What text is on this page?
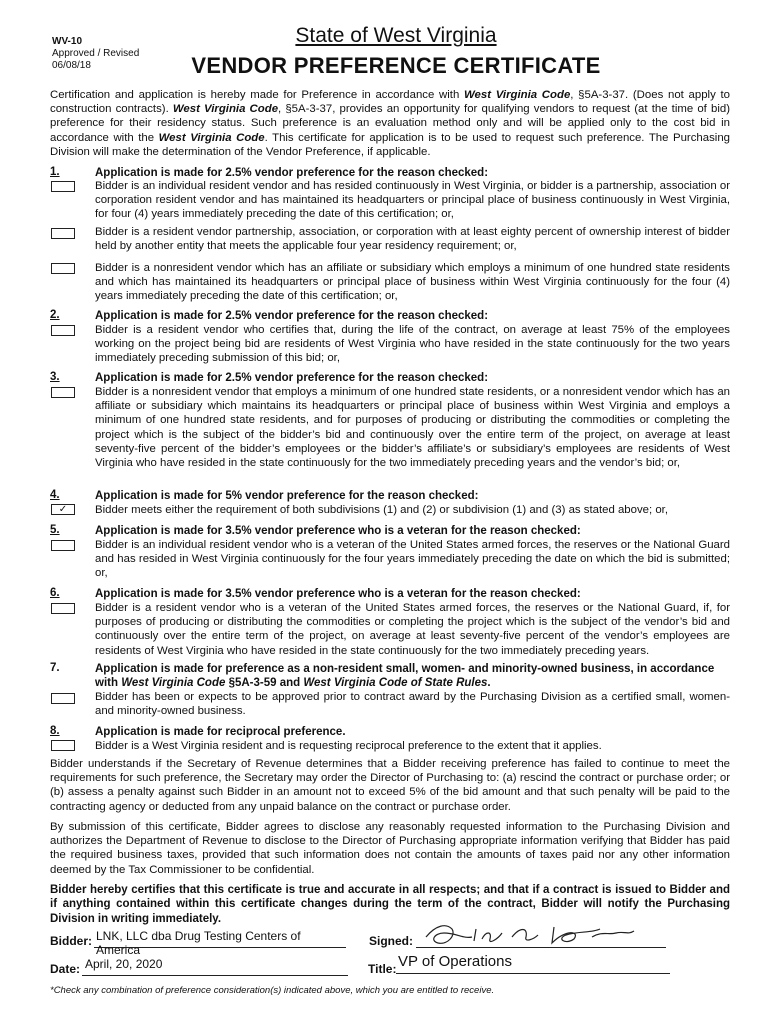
WV-10
Approved / Revised
06/08/18
State of West Virginia
VENDOR PREFERENCE CERTIFICATE
Certification and application is hereby made for Preference in accordance with West Virginia Code, §5A-3-37. (Does not apply to construction contracts). West Virginia Code, §5A-3-37, provides an opportunity for qualifying vendors to request (at the time of bid) preference for their residency status. Such preference is an evaluation method only and will be applied only to the cost bid in accordance with the West Virginia Code. This certificate for application is to be used to request such preference. The Purchasing Division will make the determination of the Vendor Preference, if applicable.
1.	Application is made for 2.5% vendor preference for the reason checked:
Bidder is an individual resident vendor and has resided continuously in West Virginia, or bidder is a partnership, association or corporation resident vendor and has maintained its headquarters or principal place of business continuously in West Virginia, for four (4) years immediately preceding the date of this certification; or,
Bidder is a resident vendor partnership, association, or corporation with at least eighty percent of ownership interest of bidder held by another entity that meets the applicable four year residency requirement; or,
Bidder is a nonresident vendor which has an affiliate or subsidiary which employs a minimum of one hundred state residents and which has maintained its headquarters or principal place of business within West Virginia continuously for the four (4) years immediately preceding the date of this certification; or,
2.	Application is made for 2.5% vendor preference for the reason checked:
Bidder is a resident vendor who certifies that, during the life of the contract, on average at least 75% of the employees working on the project being bid are residents of West Virginia who have resided in the state continuously for the two years immediately preceding submission of this bid; or,
3.	Application is made for 2.5% vendor preference for the reason checked:
Bidder is a nonresident vendor that employs a minimum of one hundred state residents, or a nonresident vendor which has an affiliate or subsidiary which maintains its headquarters or principal place of business within West Virginia and employs a minimum of one hundred state residents, and for purposes of producing or distributing the commodities or completing the project which is the subject of the bidder’s bid and continuously over the entire term of the project, on average at least seventy-five percent of the bidder’s employees or the bidder’s affiliate’s or subsidiary’s employees are residents of West Virginia who have resided in the state continuously for the two immediately preceding years and the vendor’s bid; or,
4.	Application is made for 5% vendor preference for the reason checked:
✓	Bidder meets either the requirement of both subdivisions (1) and (2) or subdivision (1) and (3) as stated above; or,
5.	Application is made for 3.5% vendor preference who is a veteran for the reason checked:
Bidder is an individual resident vendor who is a veteran of the United States armed forces, the reserves or the National Guard and has resided in West Virginia continuously for the four years immediately preceding the date on which the bid is submitted; or,
6.	Application is made for 3.5% vendor preference who is a veteran for the reason checked:
Bidder is a resident vendor who is a veteran of the United States armed forces, the reserves or the National Guard, if, for purposes of producing or distributing the commodities or completing the project which is the subject of the vendor’s bid and continuously over the entire term of the project, on average at least seventy-five percent of the vendor’s employees are residents of West Virginia who have resided in the state continuously for the two immediately preceding years.
7.	Application is made for preference as a non-resident small, women- and minority-owned business, in accordance with West Virginia Code §5A-3-59 and West Virginia Code of State Rules.
Bidder has been or expects to be approved prior to contract award by the Purchasing Division as a certified small, women- and minority-owned business.
8.	Application is made for reciprocal preference.
Bidder is a West Virginia resident and is requesting reciprocal preference to the extent that it applies.
Bidder understands if the Secretary of Revenue determines that a Bidder receiving preference has failed to continue to meet the requirements for such preference, the Secretary may order the Director of Purchasing to: (a) rescind the contract or purchase order; or (b) assess a penalty against such Bidder in an amount not to exceed 5% of the bid amount and that such penalty will be paid to the contracting agency or deducted from any unpaid balance on the contract or purchase order.
By submission of this certificate, Bidder agrees to disclose any reasonably requested information to the Purchasing Division and authorizes the Department of Revenue to disclose to the Director of Purchasing appropriate information verifying that Bidder has paid the required business taxes, provided that such information does not contain the amounts of taxes paid nor any other information deemed by the Tax Commissioner to be confidential.
Bidder hereby certifies that this certificate is true and accurate in all respects; and that if a contract is issued to Bidder and if anything contained within this certificate changes during the term of the contract, Bidder will notify the Purchasing Division in writing immediately.
Bidder: LNK, LLC dba Drug Testing Centers of America
Signed:
Date: April, 20, 2020	Title: VP of Operations
*Check any combination of preference consideration(s) indicated above, which you are entitled to receive.
